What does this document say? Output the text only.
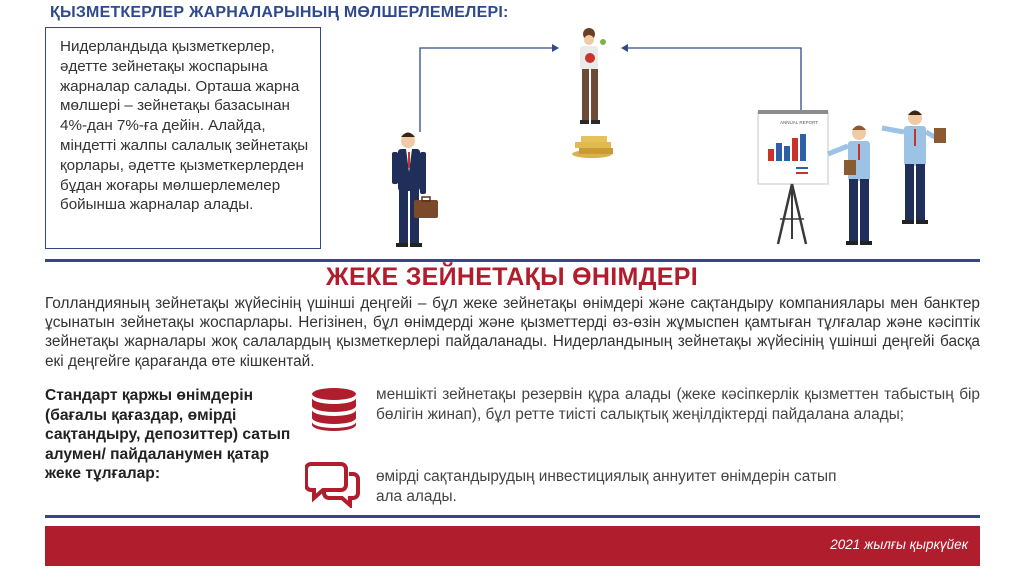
ҚЫЗМЕТКЕРЛЕР ЖАРНАЛАРЫНЫҢ МӨЛШЕРЛЕМЕЛЕРІ:
Нидерландыда қызметкерлер, әдетте зейнетақы жоспарына жарналар салады. Орташа жарна мөлшері – зейнетақы базасынан 4%-дан 7%-ға дейін. Алайда, міндетті жалпы салалық зейнетақы қорлары, әдетте қызметкерлерден бұдан жоғары мөлшерлемелер бойынша жарналар алады.
ANNUAL REPORT
ЖЕКЕ ЗЕЙНЕТАҚЫ ӨНІМДЕРІ
Голландияның зейнетақы жүйесінің үшінші деңгейі – бұл жеке зейнетақы өнімдері және сақтандыру компаниялары мен банктер ұсынатын зейнетақы жоспарлары. Негізінен, бұл өнімдерді және қызметтерді өз-өзін жұмыспен қамтыған тұлғалар және кәсіптік зейнетақы жарналары жоқ салалардың қызметкерлері пайдаланады. Нидерландының зейнетақы жүйесінің үшінші деңгейі басқа екі деңгейге қарағанда өте кішкентай.
Стандарт қаржы өнімдерін (бағалы қағаздар, өмірді сақтандыру, депозиттер) сатып алумен/ пайдаланумен қатар жеке тұлғалар:
меншікті зейнетақы резервін құра алады (жеке кәсіпкерлік қызметтен табыстың бір бөлігін жинап), бұл ретте тиісті салықтық жеңілдіктерді пайдалана алады;
өмірді сақтандырудың инвестициялық аннуитет өнімдерін сатып ала алады.
2021 жылғы қыркүйек
